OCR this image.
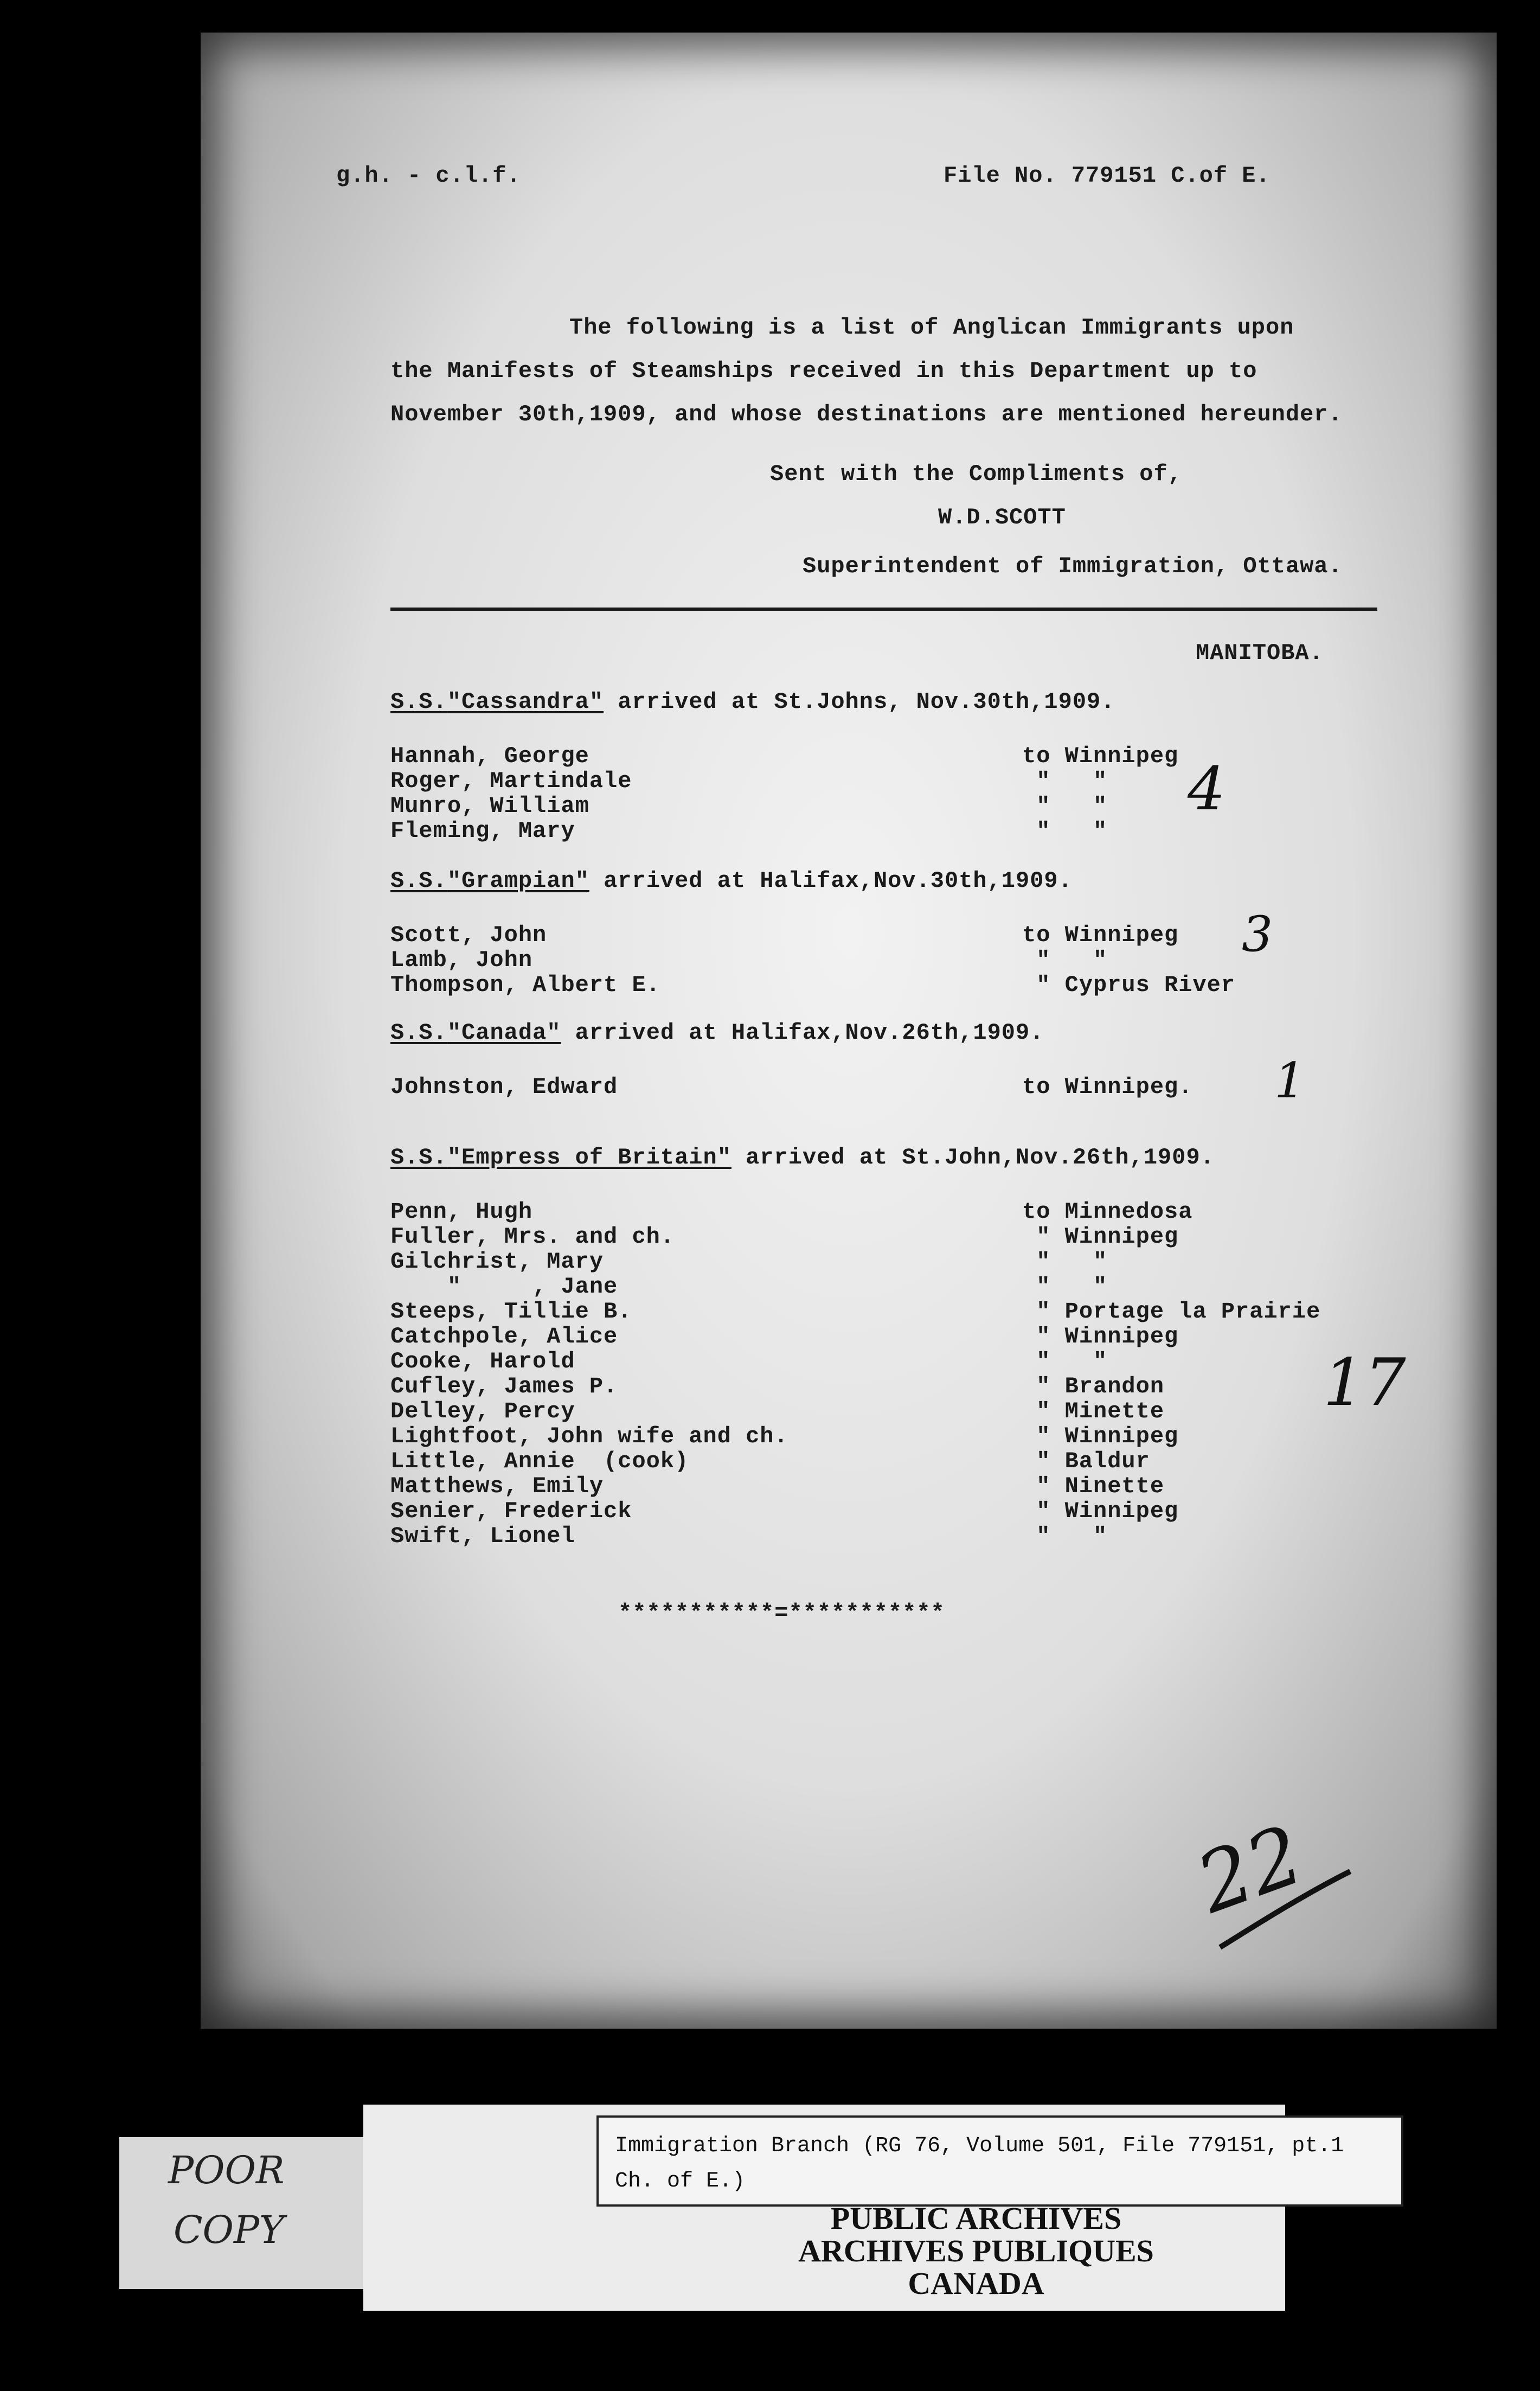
g.h. - c.l.f.	File No. 779151 C.of E.
The following is a list of Anglican Immigrants upon
the Manifests of Steamships received in this Department up to
November 30th,1909, and whose destinations are mentioned hereunder.
Sent with the Compliments of,
W.D.SCOTT
Superintendent of Immigration, Ottawa.
MANITOBA.
S.S."Cassandra" arrived at St.Johns, Nov.30th,1909.

Hannah, George	to Winnipeg

Roger, Martindale	"   "

Munro, William	"   "

Fleming, Mary	"   "

4
S.S."Grampian" arrived at Halifax,Nov.30th,1909.

Scott, John	to Winnipeg

Lamb, John	"   "

Thompson, Albert E.	" Cyprus River

3
S.S."Canada" arrived at Halifax,Nov.26th,1909.

Johnston, Edward	to Winnipeg.

1
S.S."Empress of Britain" arrived at St.John,Nov.26th,1909.

Penn, Hugh	to Minnedosa

Fuller, Mrs. and ch.	" Winnipeg

Gilchrist, Mary	"   "

"     , Jane	"   "

Steeps, Tillie B.	" Portage la Prairie

Catchpole, Alice	" Winnipeg

Cooke, Harold	"   "

Cufley, James P.	" Brandon

Delley, Percy	" Minette

Lightfoot, John wife and ch.	" Winnipeg

Little, Annie  (cook)	" Baldur

Matthews, Emily	" Ninette

Senier, Frederick	" Winnipeg

Swift, Lionel	"   "

17
***********=***********
22
POOR
COPY
Immigration Branch (RG 76, Volume 501, File 779151, pt.1
Ch. of E.)
PUBLIC ARCHIVES
ARCHIVES PUBLIQUES
CANADA
